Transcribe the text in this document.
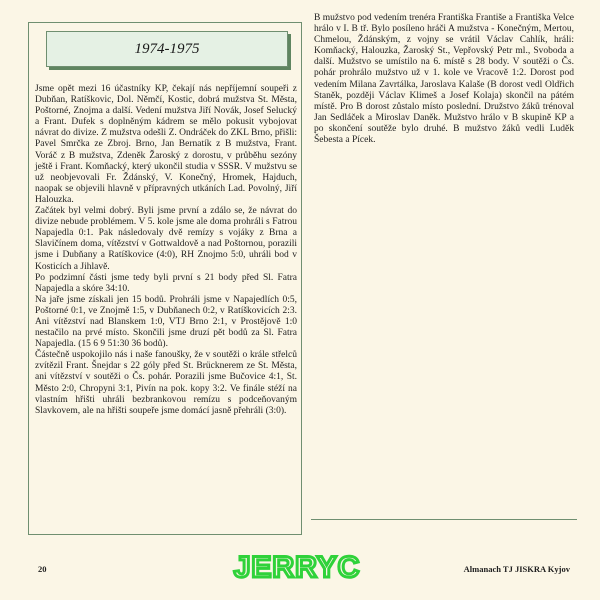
1974-1975

Jsme opět mezi 16 účastníky KP, čekají nás nepříjemní soupeři z Dubňan, Ratíškovic, Dol. Němčí, Kostic, dobrá mužstva St. Města, Poštorné, Znojma a další. Vedení mužstva Jiří Novák, Josef Selucký a Frant. Dufek s doplněným kádrem se mělo pokusit vybojovat návrat do divize. Z mužstva odešli Z. Ondráček do ZKL Brno, přišli: Pavel Smrčka ze Zbroj. Brno, Jan Bernatík z B mužstva, Frant. Voráč z B mužstva, Zdeněk Žaroský z dorostu, v průběhu sezóny ještě i Frant. Komňacký, který ukončil studia v SSSR. V mužstvu se už neobjevovali Fr. Ždánský, V. Konečný, Hromek, Hajduch, naopak se objevili hlavně v přípravných utkáních Lad. Povolný, Jiří Halouzka.

Začátek byl velmi dobrý. Byli jsme první a zdálo se, že návrat do divize nebude problémem. V 5. kole jsme ale doma prohráli s Fatrou Napajedla 0:1. Pak následovaly dvě remízy s vojáky z Brna a Slavičínem doma, vítězství v Gottwaldově a nad Poštornou, porazili jsme i Dubňany a Ratíškovice (4:0), RH Znojmo 5:0, uhráli bod v Kosticích a Jihlavě.

Po podzimní části jsme tedy byli první s 21 body před Sl. Fatra Napajedla a skóre 34:10.

Na jaře jsme získali jen 15 bodů. Prohráli jsme v Napajedlích 0:5, Poštorné 0:1, ve Znojmě 1:5, v Dubňanech 0:2, v Ratíškovicích 2:3. Ani vítězství nad Blanskem 1:0, VTJ Brno 2:1, v Prostějově 1:0 nestačilo na prvé místo. Skončili jsme druzí pět bodů za Sl. Fatra Napajedla. (15 6 9 51:30 36 bodů).

Částečně uspokojilo nás i naše fanoušky, že v soutěži o krále střelců zvítězil Frant. Šnejdar s 22 góly před St. Brücknerem ze St. Města, ani vítězství v soutěži o Čs. pohár. Porazili jsme Bučovice 4:1, St. Město 2:0, Chropyni 3:1, Pivín na pok. kopy 3:2. Ve finále stéží na vlastním hřišti uhráli bezbrankovou remízu s podceňovaným Slavkovem, ale na hřišti soupeře jsme domácí jasně přehráli (3:0).

B mužstvo pod vedením trenéra Františka Františe a Františka Velce hrálo v I. B tř. Bylo posíleno hráči A mužstva - Konečným, Mertou, Chmelou, Ždánským, z vojny se vrátil Václav Cahlík, hráli: Komňacký, Halouzka, Žaroský St., Vepřovský Petr ml., Svoboda a další. Mužstvo se umístilo na 6. místě s 28 body. V soutěži o Čs. pohár prohrálo mužstvo už v 1. kole ve Vracově 1:2. Dorost pod vedením Milana Zavrtálka, Jaroslava Kalaše (B dorost vedl Oldřich Staněk, později Václav Klimeš a Josef Kolaja) skončil na pátém místě. Pro B dorost zůstalo místo poslední. Družstvo žáků trénoval Jan Sedláček a Miroslav Daněk. Mužstvo hrálo v B skupině KP a po skončení soutěže bylo druhé. B mužstvo žáků vedli Luděk Šebesta a Pícek.

20	JERRYC	Almanach TJ JISKRA Kyjov
